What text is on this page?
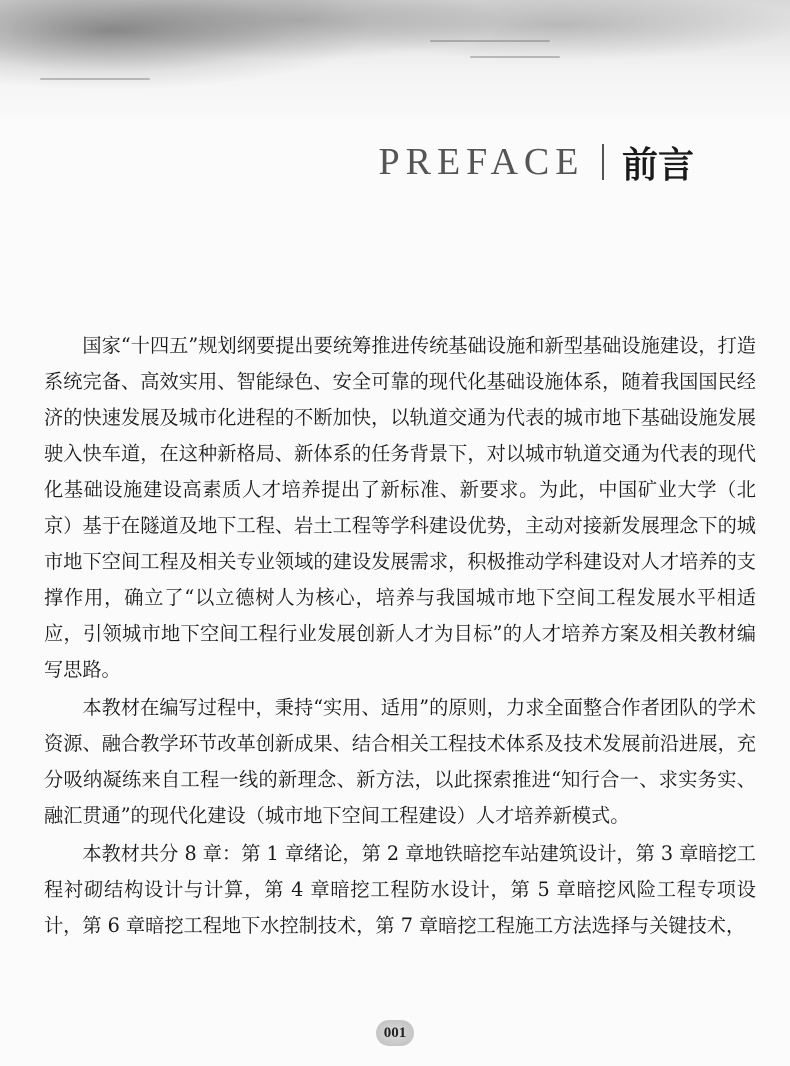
PREFACE 前言

国家“十四五”规划纲要提出要统筹推进传统基础设施和新型基础设施建设，打造系统完备、高效实用、智能绿色、安全可靠的现代化基础设施体系，随着我国国民经济的快速发展及城市化进程的不断加快，以轨道交通为代表的城市地下基础设施发展驶入快车道，在这种新格局、新体系的任务背景下，对以城市轨道交通为代表的现代化基础设施建设高素质人才培养提出了新标准、新要求。为此，中国矿业大学（北京）基于在隧道及地下工程、岩土工程等学科建设优势，主动对接新发展理念下的城市地下空间工程及相关专业领域的建设发展需求，积极推动学科建设对人才培养的支撑作用，确立了“以立德树人为核心，培养与我国城市地下空间工程发展水平相适应，引领城市地下空间工程行业发展创新人才为目标”的人才培养方案及相关教材编写思路。

本教材在编写过程中，秉持“实用、适用”的原则，力求全面整合作者团队的学术资源、融合教学环节改革创新成果、结合相关工程技术体系及技术发展前沿进展，充分吸纳凝练来自工程一线的新理念、新方法，以此探索推进“知行合一、求实务实、融汇贯通”的现代化建设（城市地下空间工程建设）人才培养新模式。

本教材共分 8 章：第 1 章绪论，第 2 章地铁暗挖车站建筑设计，第 3 章暗挖工程衬砌结构设计与计算，第 4 章暗挖工程防水设计，第 5 章暗挖风险工程专项设计，第 6 章暗挖工程地下水控制技术，第 7 章暗挖工程施工方法选择与关键技术，

001
